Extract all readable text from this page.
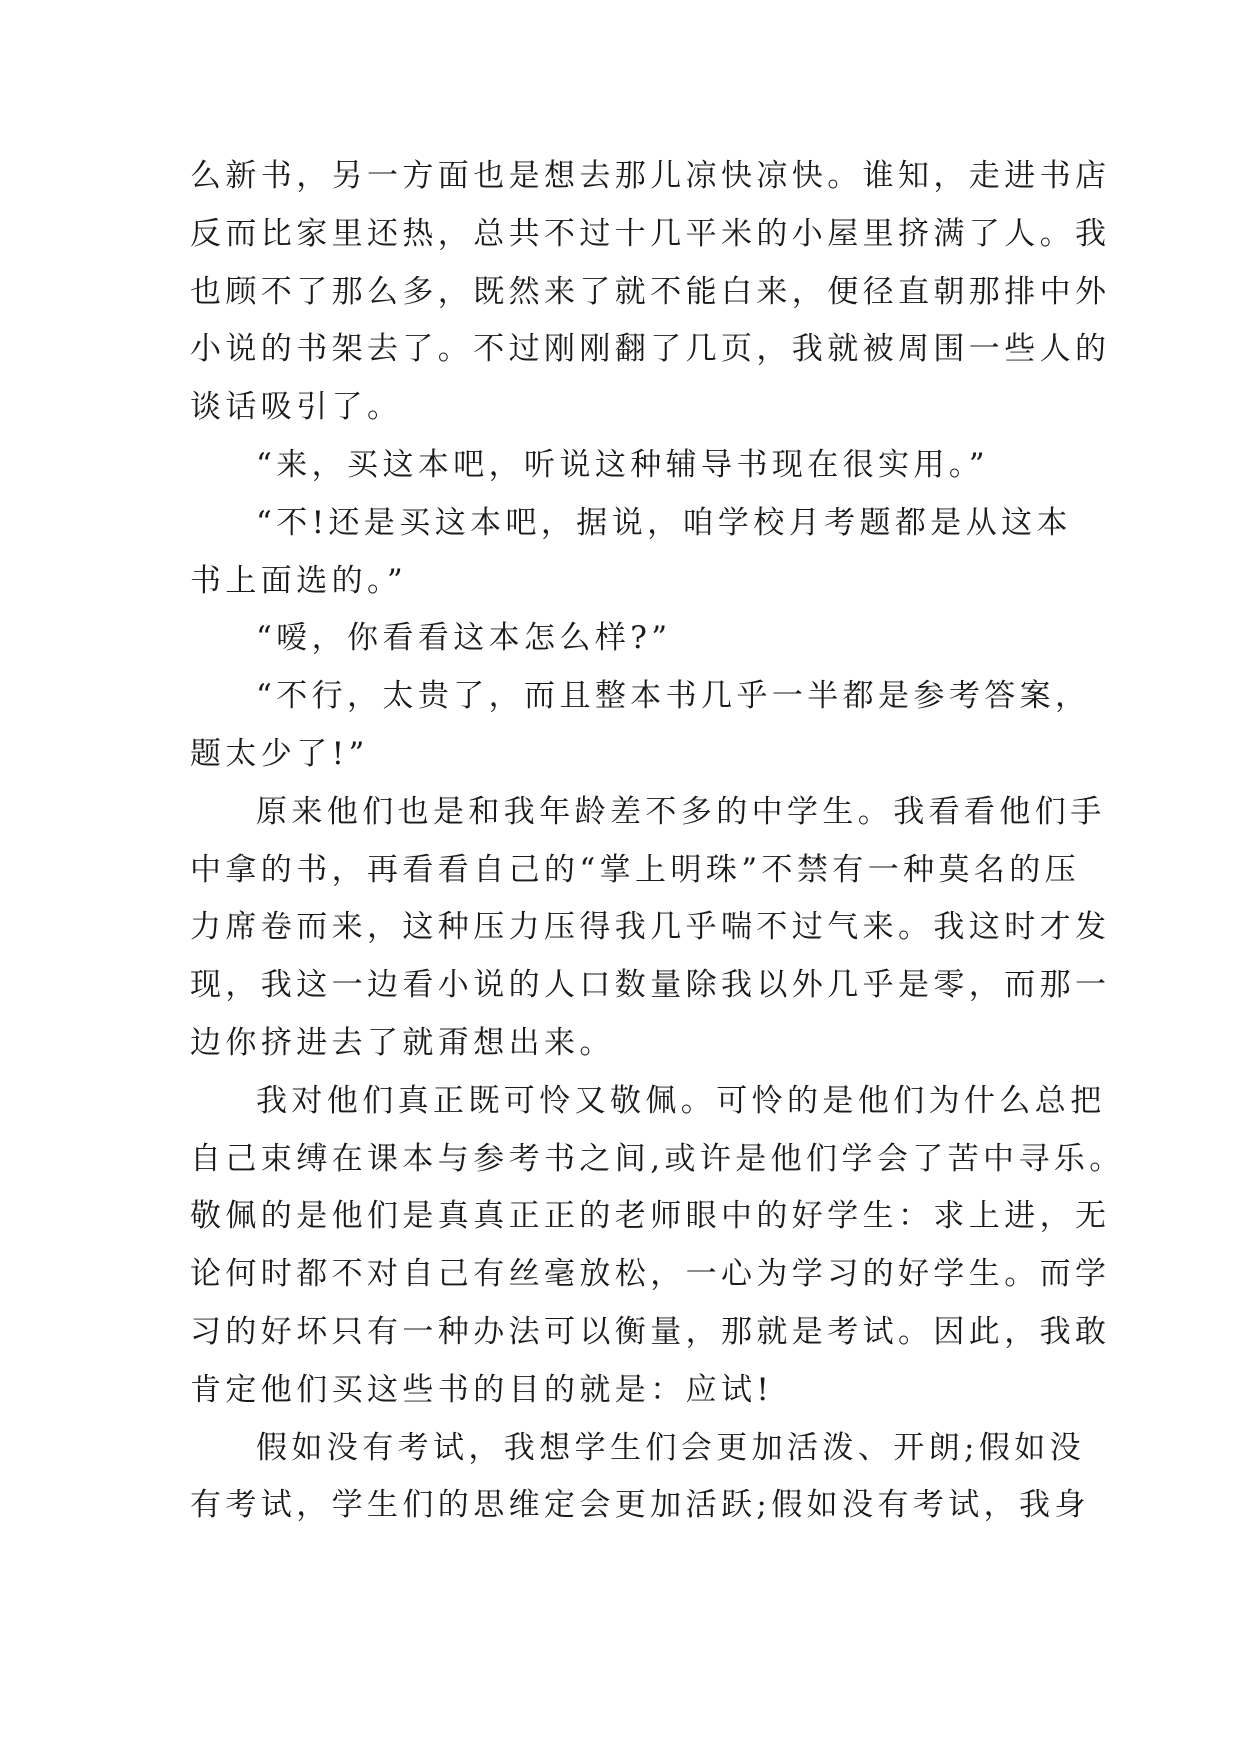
么新书，另一方面也是想去那儿凉快凉快。谁知，走进书店
反而比家里还热，总共不过十几平米的小屋里挤满了人。我
也顾不了那么多，既然来了就不能白来，便径直朝那排中外
小说的书架去了。不过刚刚翻了几页，我就被周围一些人的
谈话吸引了。
“来，买这本吧，听说这种辅导书现在很实用。”
“不!还是买这本吧，据说，咱学校月考题都是从这本
书上面选的。”
“嗳，你看看这本怎么样?”
“不行，太贵了，而且整本书几乎一半都是参考答案，
题太少了!”
原来他们也是和我年龄差不多的中学生。我看看他们手
中拿的书，再看看自己的“掌上明珠”不禁有一种莫名的压
力席卷而来，这种压力压得我几乎喘不过气来。我这时才发
现，我这一边看小说的人口数量除我以外几乎是零，而那一
边你挤进去了就甭想出来。
我对他们真正既可怜又敬佩。可怜的是他们为什么总把
自己束缚在课本与参考书之间,或许是他们学会了苦中寻乐。
敬佩的是他们是真真正正的老师眼中的好学生：求上进，无
论何时都不对自己有丝毫放松，一心为学习的好学生。而学
习的好坏只有一种办法可以衡量，那就是考试。因此，我敢
肯定他们买这些书的目的就是：应试!
假如没有考试，我想学生们会更加活泼、开朗;假如没
有考试，学生们的思维定会更加活跃;假如没有考试，我身
